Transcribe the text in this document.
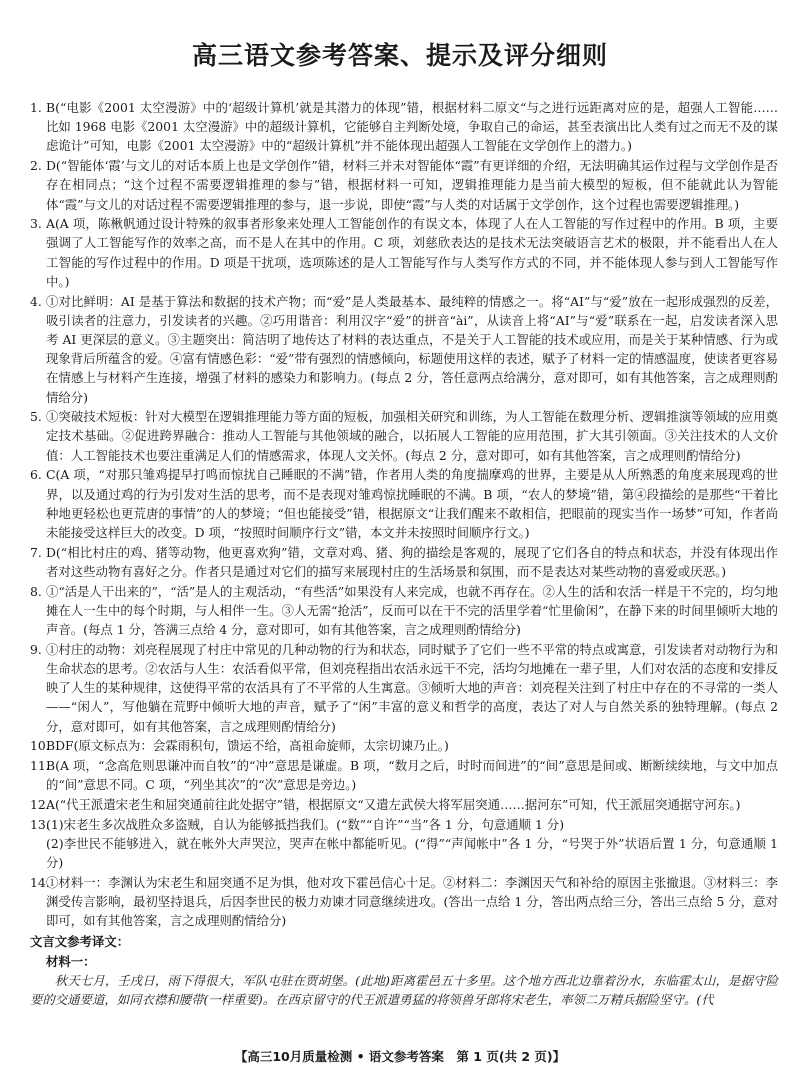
高三语文参考答案、提示及评分细则
1. B(“电影《2001 太空漫游》中的‘超级计算机’就是其潜力的体现”错，根据材料二原文“与之进行远距离对应的是，超强人工智能……比如 1968 电影《2001 太空漫游》中的超级计算机，它能够自主判断处境，争取自己的命运，甚至表演出比人类有过之而无不及的谋虑诡计”可知，电影《2001 太空漫游》中的“超级计算机”并不能体现出超强人工智能在文学创作上的潜力。)
2. D(“智能体‘霞’与文儿的对话本质上也是文学创作”错，材料三并未对智能体“霞”有更详细的介绍，无法明确其运作过程与文学创作是否存在相同点；“这个过程不需要逻辑推理的参与”错，根据材料一可知，逻辑推理能力是当前大模型的短板，但不能就此认为智能体“霞”与文儿的对话过程不需要逻辑推理的参与，退一步说，即使“霞”与人类的对话属于文学创作，这个过程也需要逻辑推理。)
3. A(A 项，陈楸帆通过设计特殊的叙事者形象来处理人工智能创作的有误文本，体现了人在人工智能的写作过程中的作用。B 项，主要强调了人工智能写作的效率之高，而不是人在其中的作用。C 项，刘慈欣表达的是技术无法突破语言艺术的极限，并不能看出人在人工智能的写作过程中的作用。D 项是干扰项，选项陈述的是人工智能写作与人类写作方式的不同，并不能体现人参与到人工智能写作中。)
4. ①对比鲜明：AI 是基于算法和数据的技术产物；而“爱”是人类最基本、最纯粹的情感之一。将“AI”与“爱”放在一起形成强烈的反差，吸引读者的注意力，引发读者的兴趣。②巧用谐音：利用汉字“爱”的拼音“ài”，从读音上将“AI”与“爱”联系在一起，启发读者深入思考 AI 更深层的意义。③主题突出：简洁明了地传达了材料的表达重点，不是关于人工智能的技术或应用，而是关于某种情感、行为或现象背后所蕴含的爱。④富有情感色彩：“爱”带有强烈的情感倾向，标题使用这样的表述，赋予了材料一定的情感温度，使读者更容易在情感上与材料产生连接，增强了材料的感染力和影响力。(每点 2 分，答任意两点给满分，意对即可，如有其他答案，言之成理则酌情给分)
5. ①突破技术短板：针对大模型在逻辑推理能力等方面的短板，加强相关研究和训练，为人工智能在数理分析、逻辑推演等领域的应用奠定技术基础。②促进跨界融合：推动人工智能与其他领域的融合，以拓展人工智能的应用范围，扩大其引领面。③关注技术的人文价值：人工智能技术也要注重满足人们的情感需求，体现人文关怀。(每点 2 分，意对即可，如有其他答案，言之成理则酌情给分)
6. C(A 项，“对那只雏鸡提早打鸣而惊扰自己睡眠的不满”错，作者用人类的角度揣摩鸡的世界，主要是从人所熟悉的角度来展现鸡的世界，以及通过鸡的行为引发对生活的思考，而不是表现对雏鸡惊扰睡眠的不满。B 项，“农人的梦境”错，第④段描绘的是那些“干着比种地更轻松也更荒唐的事情”的人的梦境；“但也能接受”错，根据原文“让我们醒来不敢相信，把眼前的现实当作一场梦”可知，作者尚未能接受这样巨大的改变。D 项，“按照时间顺序行文”错，本文并未按照时间顺序行文。)
7. D(“相比村庄的鸡、猪等动物，他更喜欢狗”错，文章对鸡、猪、狗的描绘是客观的，展现了它们各自的特点和状态，并没有体现出作者对这些动物有喜好之分。作者只是通过对它们的描写来展现村庄的生活场景和氛围，而不是表达对某些动物的喜爱或厌恶。)
8. ①“活是人干出来的”，“活”是人的主观活动，“有些活”如果没有人来完成，也就不再存在。②人生的活和农活一样是干不完的，均匀地摊在人一生中的每个时期，与人相伴一生。③人无需“抢活”，反而可以在干不完的活里学着“忙里偷闲”，在静下来的时间里倾听大地的声音。(每点 1 分，答满三点给 4 分，意对即可，如有其他答案，言之成理则酌情给分)
9. ①村庄的动物：刘亮程展现了村庄中常见的几种动物的行为和状态，同时赋予了它们一些不平常的特点或寓意，引发读者对动物行为和生命状态的思考。②农活与人生：农活看似平常，但刘亮程指出农活永远干不完，活均匀地摊在一辈子里，人们对农活的态度和安排反映了人生的某种规律，这使得平常的农活具有了不平常的人生寓意。③倾听大地的声音：刘亮程关注到了村庄中存在的不寻常的一类人——“闲人”，写他躺在荒野中倾听大地的声音，赋予了“闲”丰富的意义和哲学的高度，表达了对人与自然关系的独特理解。(每点 2 分，意对即可，如有其他答案，言之成理则酌情给分)
10.
BDF(原文标点为：会霖雨积旬，馈运不给，高祖命旋师，太宗切谏乃止。)
11.
B(A 项，“念高危则思谦冲而自牧”的“冲”意思是谦虚。B 项，“数月之后，时时而间进”的“间”意思是间或、断断续续地，与文中加点的“间”意思不同。C 项，“列坐其次”的“次”意思是旁边。)
12.
A(“代王派遣宋老生和屈突通前往此处据守”错，根据原文“又遣左武侯大将军屈突通……据河东”可知，代王派屈突通据守河东。)
13.
(1)宋老生多次战胜众多盗贼，自认为能够抵挡我们。(“数”“自许”“当”各 1 分，句意通顺 1 分)
(2)李世民不能够进入，就在帐外大声哭泣，哭声在帐中都能听见。(“得”“声闻帐中”各 1 分，“号哭于外”状语后置 1 分，句意通顺 1 分)
14.
①材料一：李渊认为宋老生和屈突通不足为惧，他对攻下霍邑信心十足。②材料二：李渊因天气和补给的原因主张撤退。③材料三：李渊受传言影响，最初坚持退兵，后因李世民的极力劝谏才同意继续进攻。(答出一点给 1 分，答出两点给三分，答出三点给 5 分，意对即可，如有其他答案，言之成理则酌情给分)
文言文参考译文：
材料一：
秋天七月，壬戌日，雨下得很大，军队屯驻在贾胡堡。(此地)距离霍邑五十多里。这个地方西北边靠着汾水，东临霍太山，是据守险要的交通要道，如同衣襟和腰带(一样重要)。在西京留守的代王派遣勇猛的将领兽牙郎将宋老生，率领二万精兵据险坚守。(代
【高三10月质量检测 • 语文参考答案　第 1 页(共 2 页)】
